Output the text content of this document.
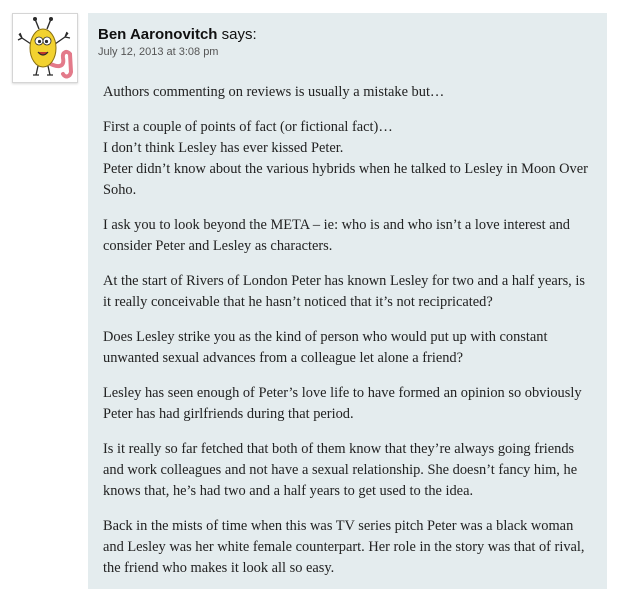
Ben Aaronovitch says:
July 12, 2013 at 3:08 pm

Authors commenting on reviews is usually a mistake but…

First a couple of points of fact (or fictional fact)…
I don’t think Lesley has ever kissed Peter.
Peter didn’t know about the various hybrids when he talked to Lesley in Moon Over Soho.

I ask you to look beyond the META – ie: who is and who isn’t a love interest and consider Peter and Lesley as characters.

At the start of Rivers of London Peter has known Lesley for two and a half years, is it really conceivable that he hasn’t noticed that it’s not recipricated?

Does Lesley strike you as the kind of person who would put up with constant unwanted sexual advances from a colleague let alone a friend?

Lesley has seen enough of Peter’s love life to have formed an opinion so obviously Peter has had girlfriends during that period.

Is it really so far fetched that both of them know that they’re always going friends and work colleagues and not have a sexual relationship. She doesn’t fancy him, he knows that, he’s had two and a half years to get used to the idea.

Back in the mists of time when this was TV series pitch Peter was a black woman and Lesley was her white female counterpart. Her role in the story was that of rival, the friend who makes it look all so easy.
